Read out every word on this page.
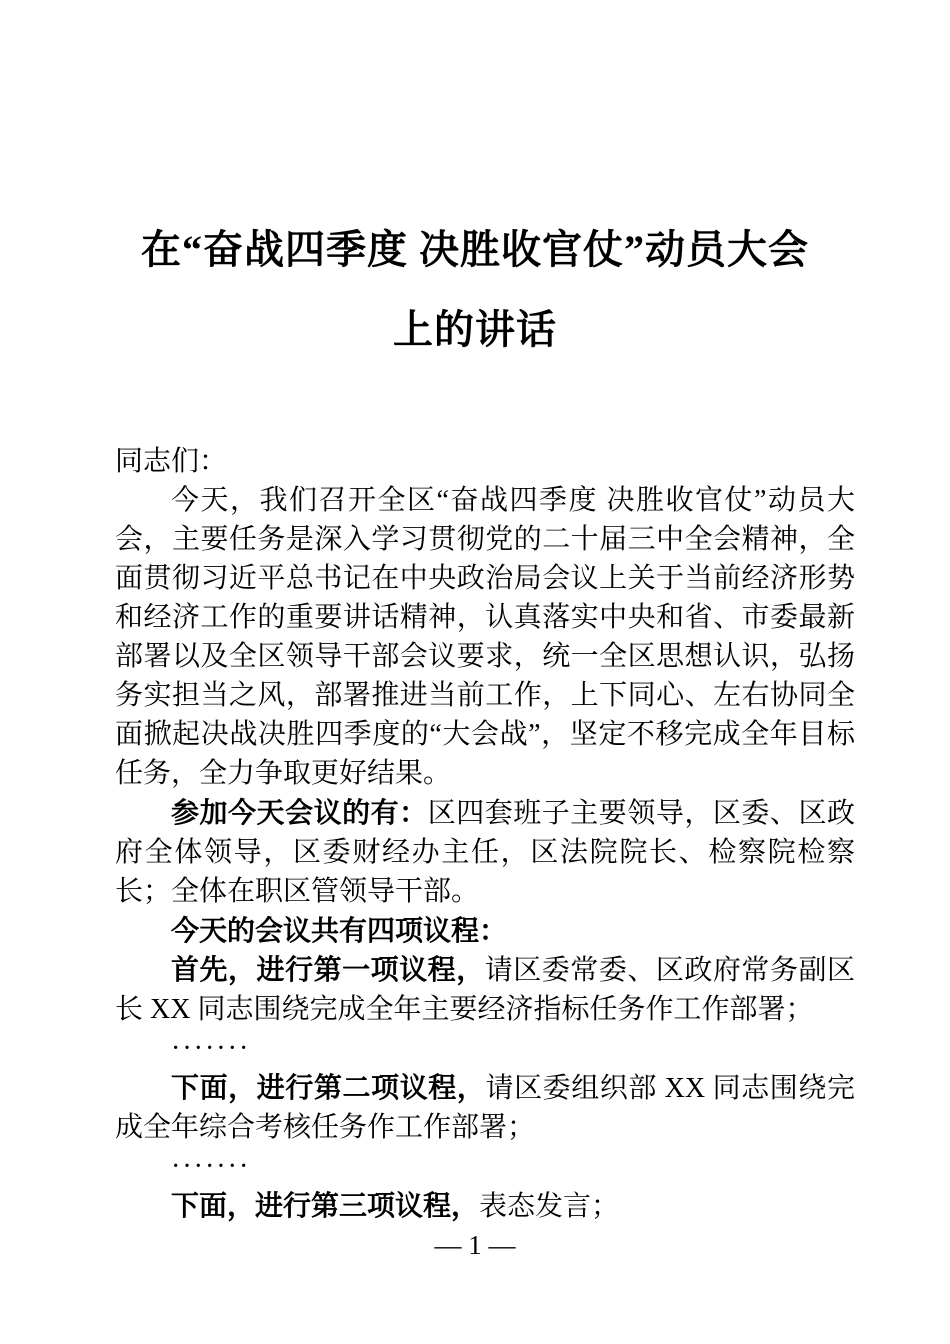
在“奋战四季度 决胜收官仗”动员大会
上的讲话

同志们：

今天，我们召开全区“奋战四季度 决胜收官仗”动员大会，主要任务是深入学习贯彻党的二十届三中全会精神，全面贯彻习近平总书记在中央政治局会议上关于当前经济形势和经济工作的重要讲话精神，认真落实中央和省、市委最新部署以及全区领导干部会议要求，统一全区思想认识，弘扬务实担当之风，部署推进当前工作，上下同心、左右协同全面掀起决战决胜四季度的“大会战”，坚定不移完成全年目标任务，全力争取更好结果。

参加今天会议的有：区四套班子主要领导，区委、区政府全体领导，区委财经办主任，区法院院长、检察院检察长；全体在职区管领导干部。

今天的会议共有四项议程：

首先，进行第一项议程，请区委常委、区政府常务副区长 XX 同志围绕完成全年主要经济指标任务作工作部署；

·······

下面，进行第二项议程，请区委组织部 XX 同志围绕完成全年综合考核任务作工作部署；

·······

下面，进行第三项议程，表态发言；

— 1 —
